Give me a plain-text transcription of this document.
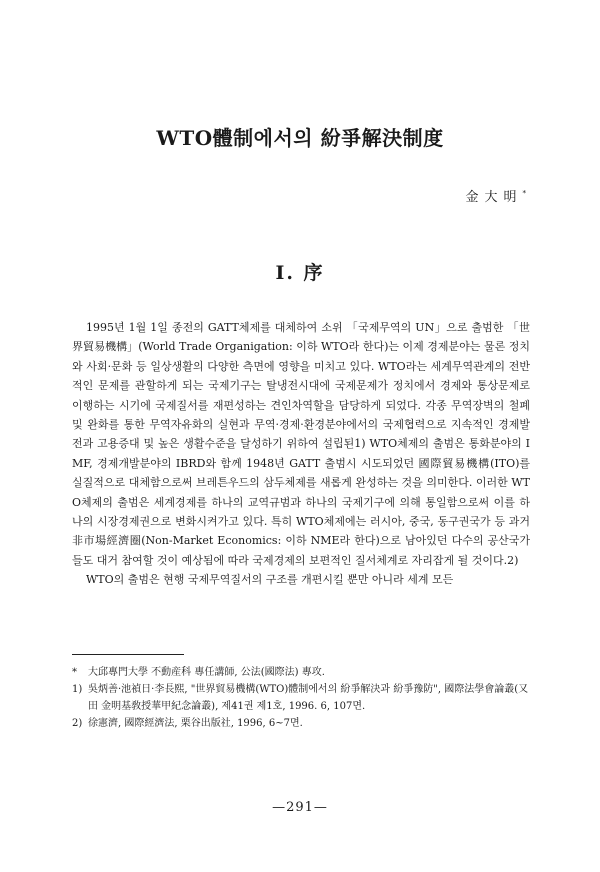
WTO體制에서의 紛爭解決制度
金大明*
Ⅰ. 序

1995년 1월 1일 종전의 GATT체제를 대체하여 소위 「국제무역의 UN」으로 출범한 「世界貿易機構」(World Trade Organigation: 이하 WTO라 한다)는 이제 경제분야는 물론 정치와 사회·문화 등 일상생활의 다양한 측면에 영향을 미치고 있다. WTO라는 세계무역관계의 전반적인 문제를 관할하게 되는 국제기구는 탈냉전시대에 국제문제가 정치에서 경제와 통상문제로 이행하는 시기에 국제질서를 재편성하는 견인차역할을 담당하게 되었다. 각종 무역장벽의 철폐 및 완화를 통한 무역자유화의 실현과 무역·경제·환경분야에서의 국제협력으로 지속적인 경제발전과 고용증대 및 높은 생활수준을 달성하기 위하여 설립된1) WTO체제의 출범은 통화분야의 IMF, 경제개발분야의 IBRD와 함께 1948년 GATT 출범시 시도되었던 國際貿易機構(ITO)를 실질적으로 대체함으로써 브레튼우드의 삼두체제를 새롭게 완성하는 것을 의미한다. 이러한 WTO체제의 출범은 세계경제를 하나의 교역규범과 하나의 국제기구에 의해 통일함으로써 이를 하나의 시장경제권으로 변화시켜가고 있다. 특히 WTO체제에는 러시아, 중국, 동구권국가 등 과거 非市場經濟圈(Non-Market Economics: 이하 NME라 한다)으로 남아있던 다수의 공산국가들도 대거 참여할 것이 예상됨에 따라 국제경제의 보편적인 질서체계로 자리잡게 될 것이다.2)

WTO의 출범은 현행 국제무역질서의 구조를 개편시킬 뿐만 아니라 세계 모든

*	大邱專門大學 不動産科 專任講師, 公法(國際法) 專攻.
1) 吳炳善·池禎日·李長熙, "世界貿易機構(WTO)體制에서의 紛爭解決과 紛爭豫防", 國際法學會論叢(又田 金明基敎授華甲紀念論叢), 제41권 제1호, 1996. 6, 107면.
2) 徐憲濟, 國際經濟法, 栗谷出版社, 1996, 6~7면.
—291—
